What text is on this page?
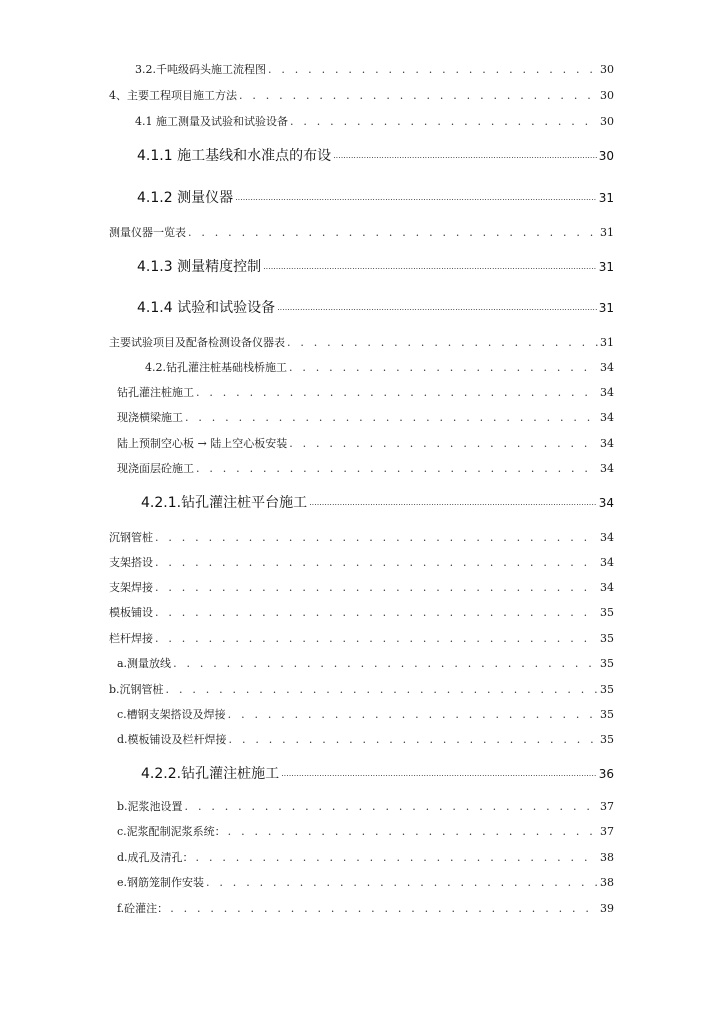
3.2.千吨级码头施工流程图 . . .	30
4、主要工程项目施工方法 . . .	30
4.1 施工测量及试验和试验设备 . . .	30
4.1.1 施工基线和水准点的布设 .....	30
4.1.2 测量仪器 .....	31
测量仪器一览表 . . .	31
4.1.3 测量精度控制 .....	31
4.1.4 试验和试验设备 .....	31
主要试验项目及配备检测设备仪器表 . . .	31
4.2.钻孔灌注桩基础栈桥施工 . . .	34
钻孔灌注桩施工 . . .	34
现浇横梁施工 . . .	34
陆上预制空心板 → 陆上空心板安装 . . .	34
现浇面层砼施工 . . .	34
4.2.1.钻孔灌注桩平台施工 .....	34
沉钢管桩 . . .	34
支架搭设 . . .	34
支架焊接 . . .	34
模板铺设 . . .	35
栏杆焊接 . . .	35
a.测量放线 . . .	35
b.沉钢管桩 . . .	35
c.槽钢支架搭设及焊接 . . .	35
d.模板铺设及栏杆焊接 . . .	35
4.2.2.钻孔灌注桩施工 .....	36
b.泥浆池设置 . . .	37
c.泥浆配制泥浆系统： . . .	37
d.成孔及清孔： . . .	38
e.钢筋笼制作安装 . . .	38
f.砼灌注： . . .	39
